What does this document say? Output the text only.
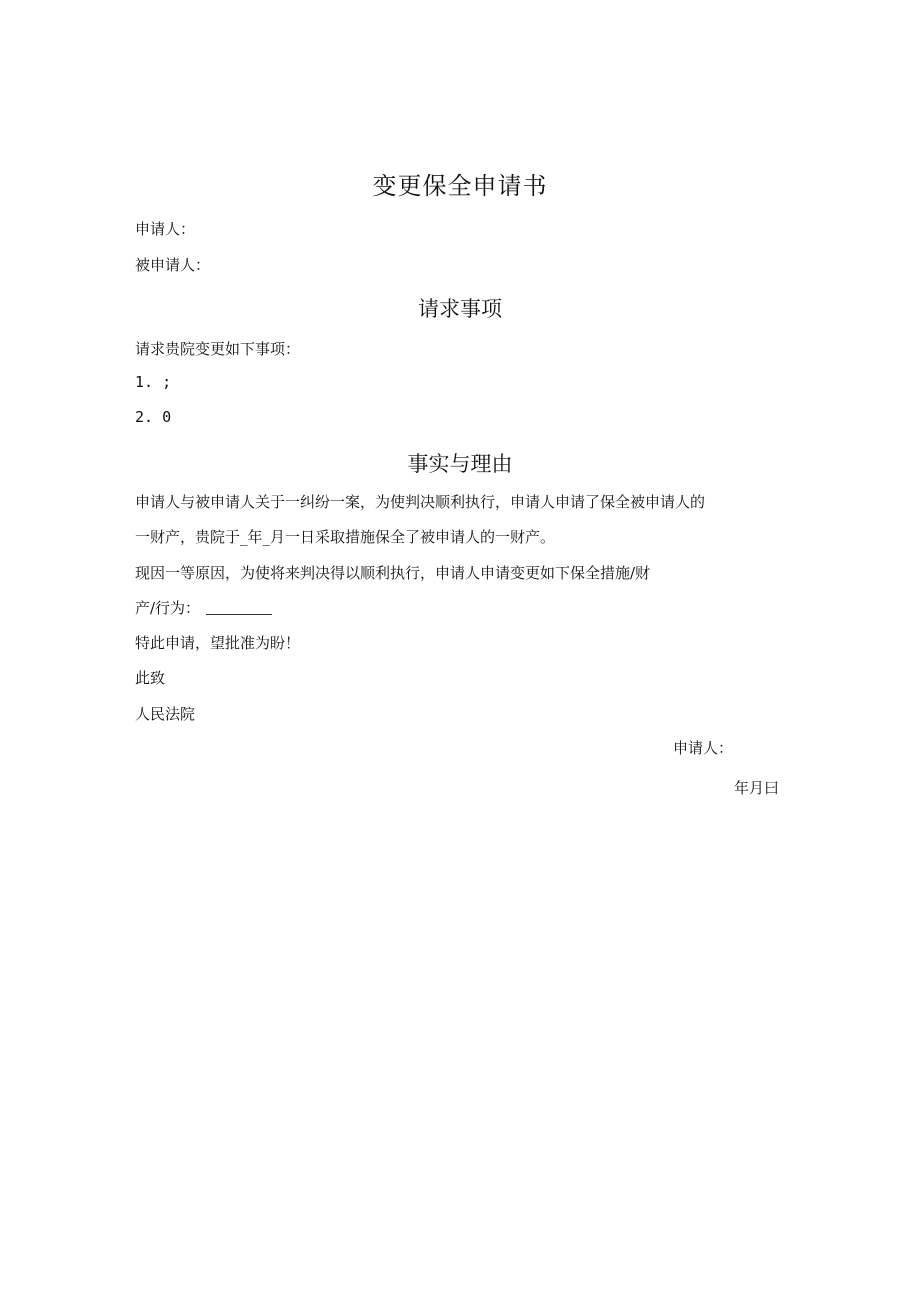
变更保全申请书
申请人：
被申请人：
请求事项
请求贵院变更如下事项：
1. ;
2. 0
事实与理由
申请人与被申请人关于一纠纷一案，为使判决顺利执行，申请人申请了保全被申请人的
一财产，贵院于_年_月一日采取措施保全了被申请人的一财产。
现因一等原因，为使将来判决得以顺利执行，申请人申请变更如下保全措施/财
产/行为：
特此申请，望批准为盼！
此致
人民法院
申请人：
年月曰
